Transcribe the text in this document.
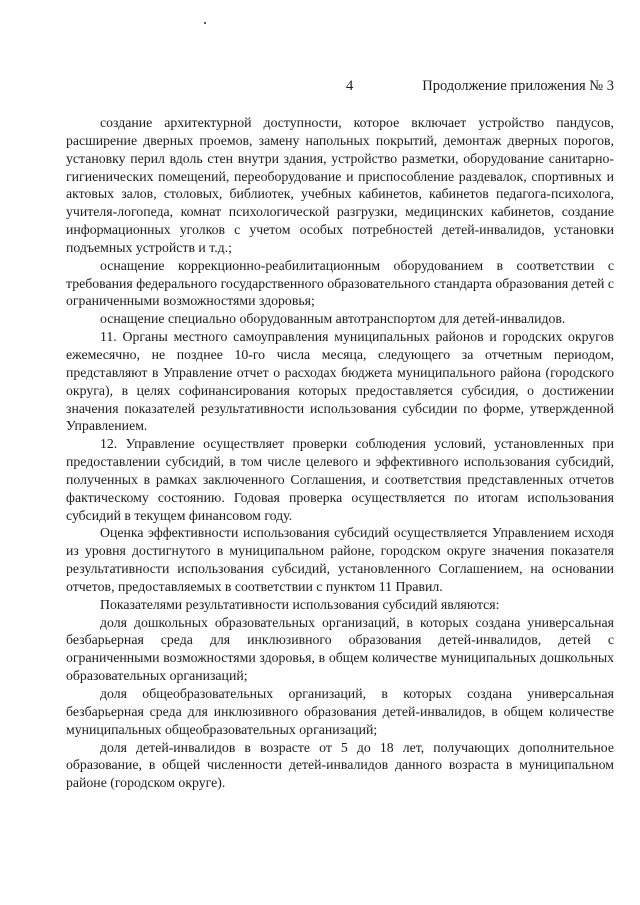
4	Продолжение приложения № 3

создание архитектурной доступности, которое включает устройство пандусов, расширение дверных проемов, замену напольных покрытий, демонтаж дверных порогов, установку перил вдоль стен внутри здания, устройство разметки, оборудование санитарно-гигиенических помещений, переоборудование и приспособление раздевалок, спортивных и актовых залов, столовых, библиотек, учебных кабинетов, кабинетов педагога-психолога, учителя-логопеда, комнат психологической разгрузки, медицинских кабинетов, создание информационных уголков с учетом особых потребностей детей-инвалидов, установки подъемных устройств и т.д.;

оснащение коррекционно-реабилитационным оборудованием в соответствии с требования федерального государственного образовательного стандарта образования детей с ограниченными возможностями здоровья;

оснащение специально оборудованным автотранспортом для детей-инвалидов.

11. Органы местного самоуправления муниципальных районов и городских округов ежемесячно, не позднее 10-го числа месяца, следующего за отчетным периодом, представляют в Управление отчет о расходах бюджета муниципального района (городского округа), в целях софинансирования которых предоставляется субсидия, о достижении значения показателей результативности использования субсидии по форме, утвержденной Управлением.

12. Управление осуществляет проверки соблюдения условий, установленных при предоставлении субсидий, в том числе целевого и эффективного использования субсидий, полученных в рамках заключенного Соглашения, и соответствия представленных отчетов фактическому состоянию. Годовая проверка осуществляется по итогам использования субсидий в текущем финансовом году.

Оценка эффективности использования субсидий осуществляется Управлением исходя из уровня достигнутого в муниципальном районе, городском округе значения показателя результативности использования субсидий, установленного Соглашением, на основании отчетов, предоставляемых в соответствии с пунктом 11 Правил.

Показателями результативности использования субсидий являются:

доля дошкольных образовательных организаций, в которых создана универсальная безбарьерная среда для инклюзивного образования детей-инвалидов, детей с ограниченными возможностями здоровья, в общем количестве муниципальных дошкольных образовательных организаций;

доля общеобразовательных организаций, в которых создана универсальная безбарьерная среда для инклюзивного образования детей-инвалидов, в общем количестве муниципальных общеобразовательных организаций;

доля детей-инвалидов в возрасте от 5 до 18 лет, получающих дополнительное образование, в общей численности детей-инвалидов данного возраста в муниципальном районе (городском округе).
